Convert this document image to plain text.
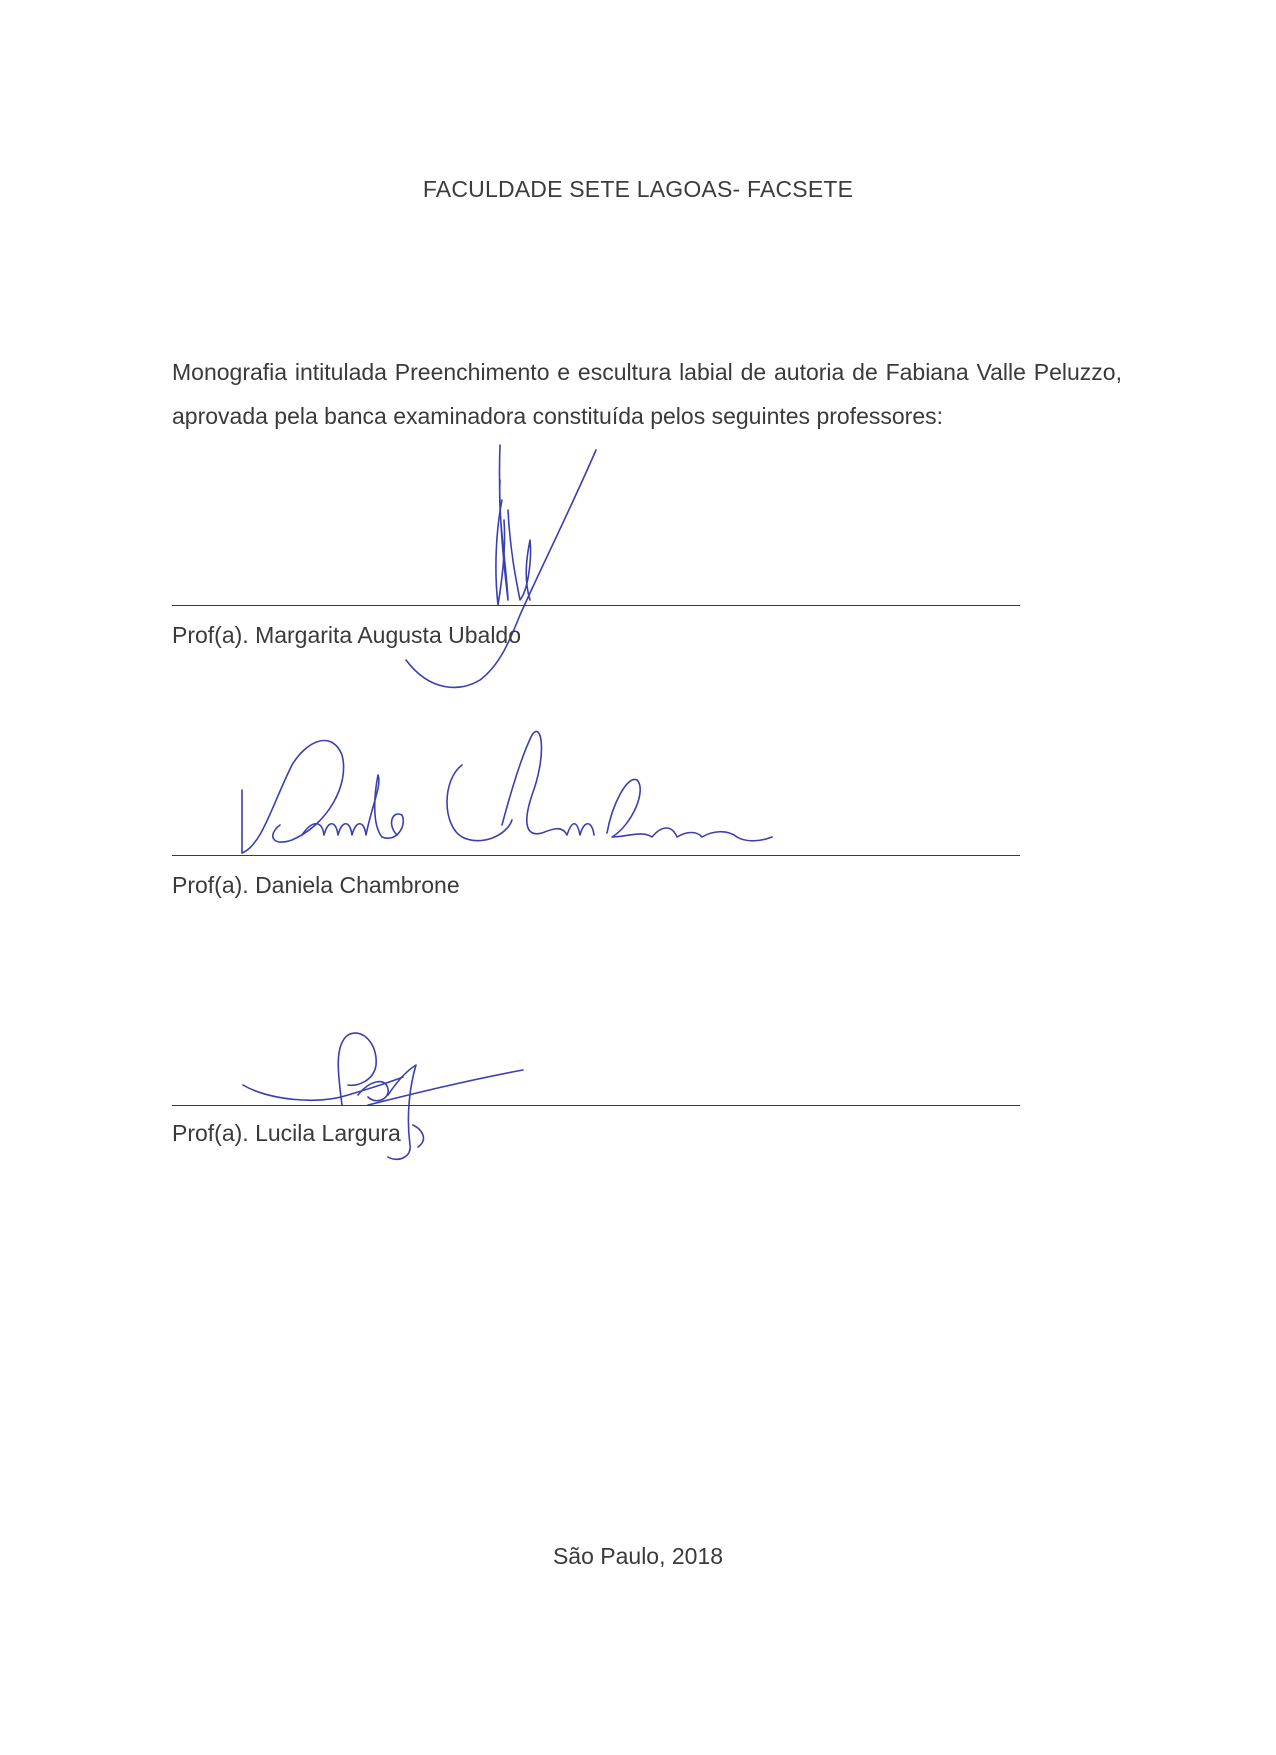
FACULDADE SETE LAGOAS- FACSETE
Monografia intitulada Preenchimento e escultura labial de autoria de Fabiana Valle Peluzzo, aprovada pela banca examinadora constituída pelos seguintes professores:
Prof(a). Margarita Augusta Ubaldo
Prof(a). Daniela Chambrone
Prof(a). Lucila Largura
São Paulo, 2018
